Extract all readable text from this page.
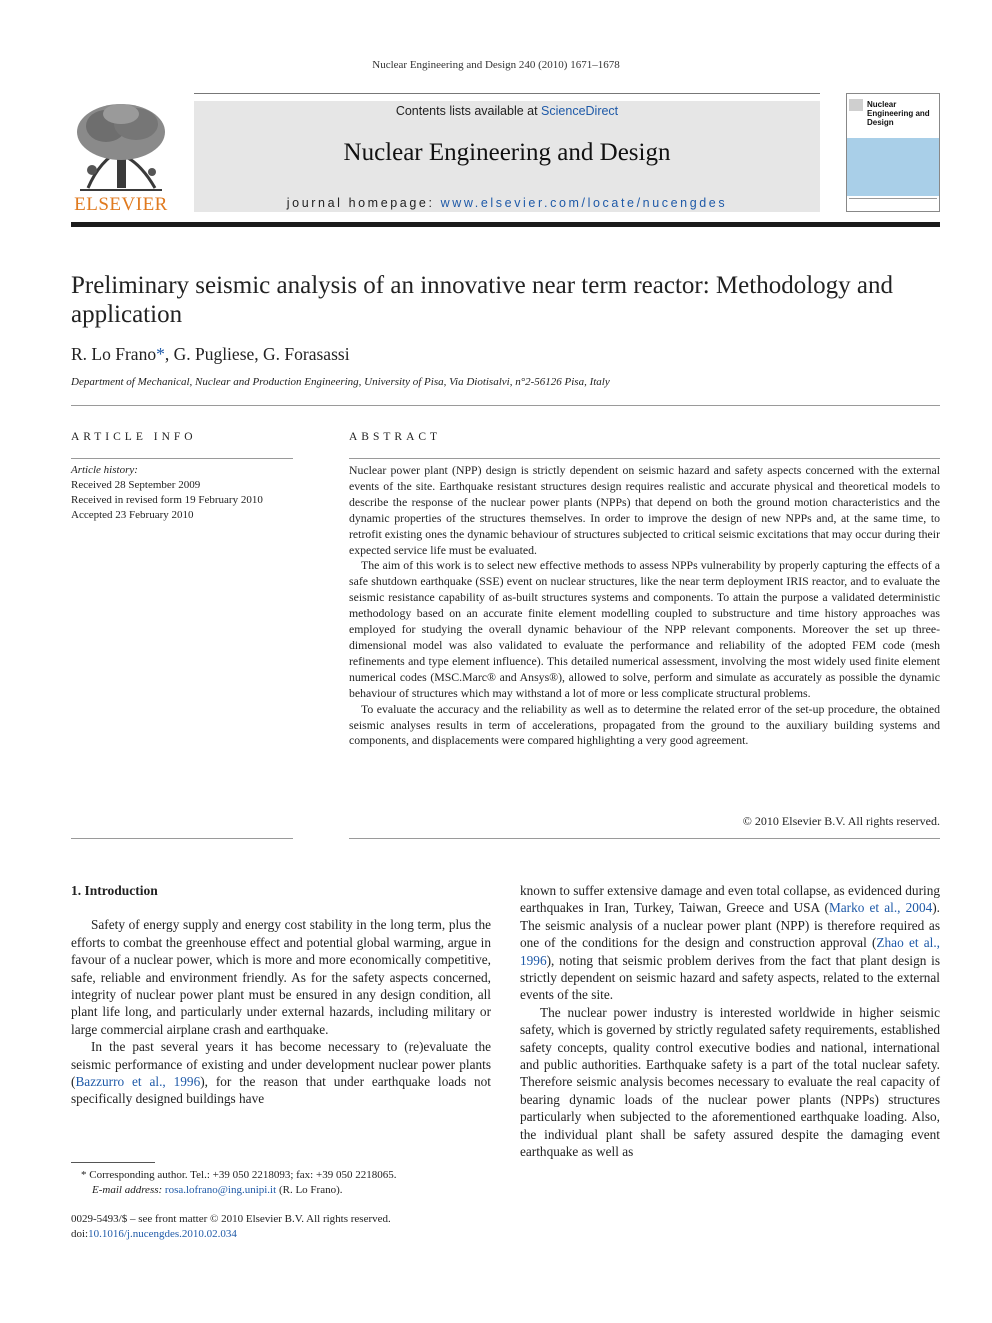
Nuclear Engineering and Design 240 (2010) 1671–1678
ELSEVIER
Contents lists available at ScienceDirect
Nuclear Engineering and Design
journal homepage: www.elsevier.com/locate/nucengdes
Nuclear Engineering and Design
Preliminary seismic analysis of an innovative near term reactor: Methodology and application
R. Lo Frano*, G. Pugliese, G. Forasassi
Department of Mechanical, Nuclear and Production Engineering, University of Pisa, Via Diotisalvi, n°2-56126 Pisa, Italy
ARTICLE INFO
Article history:
Received 28 September 2009
Received in revised form 19 February 2010
Accepted 23 February 2010
ABSTRACT

Nuclear power plant (NPP) design is strictly dependent on seismic hazard and safety aspects concerned with the external events of the site. Earthquake resistant structures design requires realistic and accurate physical and theoretical models to describe the response of the nuclear power plants (NPPs) that depend on both the ground motion characteristics and the dynamic properties of the structures themselves. In order to improve the design of new NPPs and, at the same time, to retrofit existing ones the dynamic behaviour of structures subjected to critical seismic excitations that may occur during their expected service life must be evaluated.

The aim of this work is to select new effective methods to assess NPPs vulnerability by properly capturing the effects of a safe shutdown earthquake (SSE) event on nuclear structures, like the near term deployment IRIS reactor, and to evaluate the seismic resistance capability of as-built structures systems and components. To attain the purpose a validated deterministic methodology based on an accurate finite element modelling coupled to substructure and time history approaches was employed for studying the overall dynamic behaviour of the NPP relevant components. Moreover the set up three-dimensional model was also validated to evaluate the performance and reliability of the adopted FEM code (mesh refinements and type element influence). This detailed numerical assessment, involving the most widely used finite element numerical codes (MSC.Marc® and Ansys®), allowed to solve, perform and simulate as accurately as possible the dynamic behaviour of structures which may withstand a lot of more or less complicate structural problems.

To evaluate the accuracy and the reliability as well as to determine the related error of the set-up procedure, the obtained seismic analyses results in term of accelerations, propagated from the ground to the auxiliary building systems and components, and displacements were compared highlighting a very good agreement.

© 2010 Elsevier B.V. All rights reserved.
1. Introduction

Safety of energy supply and energy cost stability in the long term, plus the efforts to combat the greenhouse effect and potential global warming, argue in favour of a nuclear power, which is more and more economically competitive, safe, reliable and environment friendly. As for the safety aspects concerned, integrity of nuclear power plant must be ensured in any design condition, all plant life long, and particularly under external hazards, including military or large commercial airplane crash and earthquake.

In the past several years it has become necessary to (re)evaluate the seismic performance of existing and under development nuclear power plants (Bazzurro et al., 1996), for the reason that under earthquake loads not specifically designed buildings have

known to suffer extensive damage and even total collapse, as evidenced during earthquakes in Iran, Turkey, Taiwan, Greece and USA (Marko et al., 2004). The seismic analysis of a nuclear power plant (NPP) is therefore required as one of the conditions for the design and construction approval (Zhao et al., 1996), noting that seismic problem derives from the fact that plant design is strictly dependent on seismic hazard and safety aspects, related to the external events of the site.

The nuclear power industry is interested worldwide in higher seismic safety, which is governed by strictly regulated safety requirements, established safety concepts, quality control executive bodies and national, international and public authorities. Earthquake safety is a part of the total nuclear safety. Therefore seismic analysis becomes necessary to evaluate the real capacity of bearing dynamic loads of the nuclear power plants (NPPs) structures particularly when subjected to the aforementioned earthquake loading. Also, the individual plant shall be safety assured despite the damaging event earthquake as well as

* Corresponding author. Tel.: +39 050 2218093; fax: +39 050 2218065.
E-mail address: rosa.lofrano@ing.unipi.it (R. Lo Frano).
0029-5493/$ – see front matter © 2010 Elsevier B.V. All rights reserved.
doi:10.1016/j.nucengdes.2010.02.034
